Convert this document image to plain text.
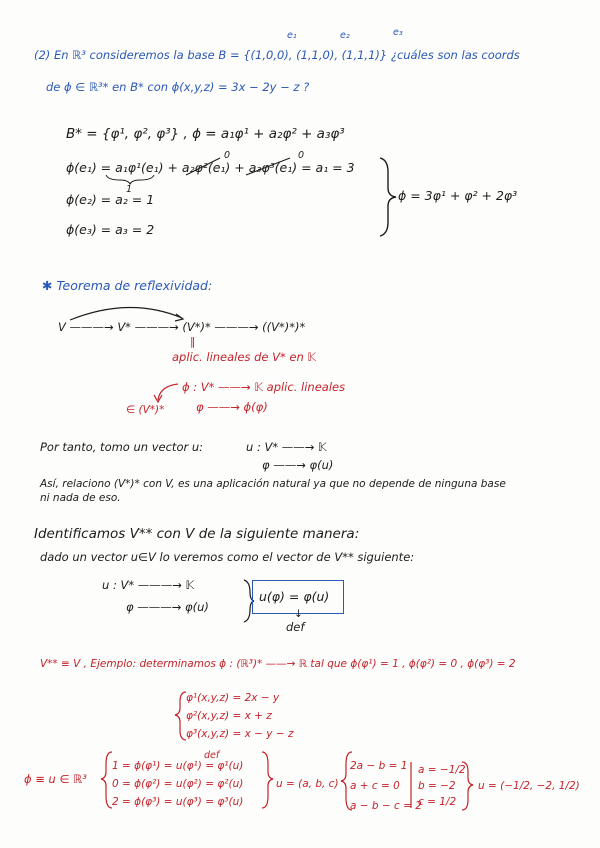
e₁	e₂	e₃
(2) En ℝ³ consideremos la base B = {(1,0,0), (1,1,0), (1,1,1)} ¿cuáles son las coords
de ϕ ∈ ℝ³* en B* con ϕ(x,y,z) = 3x − 2y − z ?
B* = {φ¹, φ², φ³} , ϕ = a₁φ¹ + a₂φ² + a₃φ³
0	0
ϕ(e₁) = a₁φ¹(e₁) + a₂φ²(e₁) + a₃φ³(e₁) = a₁ = 3
1
ϕ(e₂) = a₂ = 1
ϕ(e₃) = a₃ = 2
ϕ = 3φ¹ + φ² + 2φ³
✱ Teorema de reflexividad:
V ———→ V* ———→ (V*)* ———→ ((V*)*)*
‖
aplic. lineales de V* en 𝕂
ϕ : V* ——→ 𝕂 aplic. lineales
φ ——→ ϕ(φ)
∈ (V*)*
Por tanto, tomo un vector u:	u : V* ——→ 𝕂
φ ——→ φ(u)
Así, relaciono (V*)* con V, es una aplicación natural ya que no depende de ninguna base
ni nada de eso.
Identificamos V** con V de la siguiente manera:
dado un vector u∈V lo veremos como el vector de V** siguiente:
u : V* ———→ 𝕂
φ ———→ φ(u)
u(φ) = φ(u)
↓
def
V** ≡ V , Ejemplo: determinamos ϕ : (ℝ³)* ——→ ℝ tal que ϕ(φ¹) = 1 , ϕ(φ²) = 0 , ϕ(φ³) = 2
φ¹(x,y,z) = 2x − y
φ²(x,y,z) = x + z
φ³(x,y,z) = x − y − z
ϕ ≡ u ∈ ℝ³
def
1 = ϕ(φ¹) = u(φ¹) = φ¹(u)
0 = ϕ(φ²) = u(φ²) = φ²(u)
2 = ϕ(φ³) = u(φ³) = φ³(u)
u = (a, b, c)
2a − b = 1
a + c = 0
a − b − c = 2
a = −1/2
b = −2
c = 1/2
u = (−1/2, −2, 1/2)
